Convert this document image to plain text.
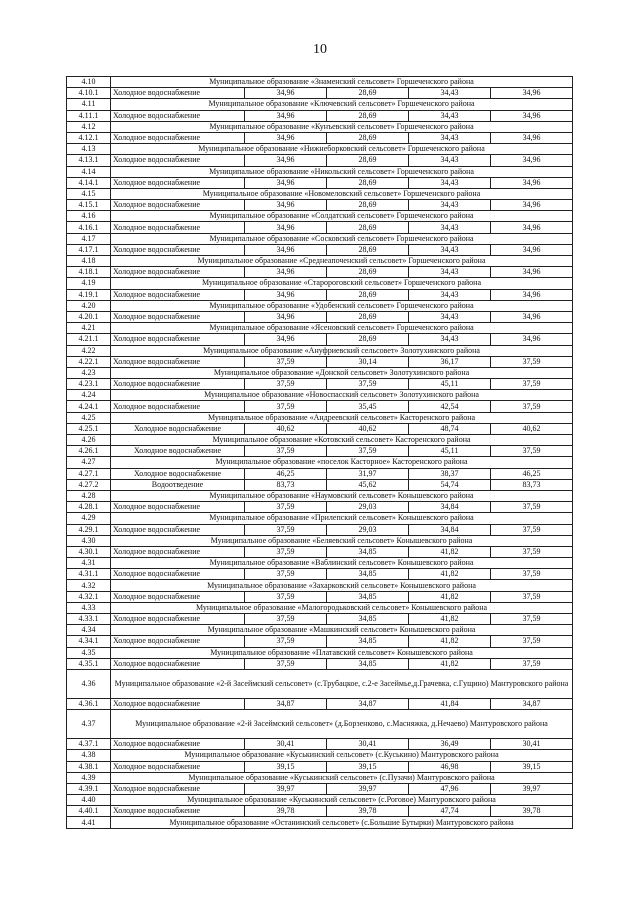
10
4.10	Муниципальное образование «Знаменский сельсовет» Горшеченского района				
4.10.1	Холодное водоснабжение	34,96	28,69	34,43	34,96
4.11	Муниципальное образование «Ключевский сельсовет» Горшеченского района				
4.11.1	Холодное водоснабжение	34,96	28,69	34,43	34,96
4.12	Муниципальное образование «Кунъевский сельсовет» Горшеченского района				
4.12.1	Холодное водоснабжение	34,96	28,69	34,43	34,96
4.13	Муниципальное образование «Нижнеборковский сельсовет» Горшеченского района				
4.13.1	Холодное водоснабжение	34,96	28,69	34,43	34,96
4.14	Муниципальное образование «Никольский сельсовет» Горшеченского района				
4.14.1	Холодное водоснабжение	34,96	28,69	34,43	34,96
4.15	Муниципальное образование «Новомеловский сельсовет» Горшеченского района				
4.15.1	Холодное водоснабжение	34,96	28,69	34,43	34,96
4.16	Муниципальное образование «Солдатский сельсовет» Горшеченского района				
4.16.1	Холодное водоснабжение	34,96	28,69	34,43	34,96
4.17	Муниципальное образование «Сосковский сельсовет» Горшеченского района				
4.17.1	Холодное водоснабжение	34,96	28,69	34,43	34,96
4.18	Муниципальное образование «Среднеапоченский сельсовет» Горшеченского района				
4.18.1	Холодное водоснабжение	34,96	28,69	34,43	34,96
4.19	Муниципальное образование «Старороговский сельсовет» Горшеченского района				
4.19.1	Холодное водоснабжение	34,96	28,69	34,43	34,96
4.20	Муниципальное образование «Удобенский сельсовет» Горшеченского района				
4.20.1	Холодное водоснабжение	34,96	28,69	34,43	34,96
4.21	Муниципальное образование «Ясеновский сельсовет» Горшеченского района				
4.21.1	Холодное водоснабжение	34,96	28,69	34,43	34,96
4.22	Муниципальное образование «Ануфриевский сельсовет» Золотухинского района				
4.22.1	Холодное водоснабжение	37,59	30,14	36,17	37,59
4.23	Муниципальное образование «Донской сельсовет» Золотухинского района				
4.23.1	Холодное водоснабжение	37,59	37,59	45,11	37,59
4.24	Муниципальное образование «Новоспасский сельсовет» Золотухинского района				
4.24.1	Холодное водоснабжение	37,59	35,45	42,54	37,59
4.25	Муниципальное образование «Андреевский сельсовет» Касторенского района				
4.25.1	Холодное водоснабжение	40,62	40,62	48,74	40,62
4.26	Муниципальное образование «Котовский сельсовет» Касторенского района				
4.26.1	Холодное водоснабжение	37,59	37,59	45,11	37,59
4.27	Муниципальное образование «поселок Касторное» Касторенского района				
4.27.1	Холодное водоснабжение	46,25	31,97	38,37	46,25
4.27.2	Водоотведение	83,73	45,62	54,74	83,73
4.28	Муниципальное образование «Наумовский сельсовет» Конышевского района				
4.28.1	Холодное водоснабжение	37,59	29,03	34,84	37,59
4.29	Муниципальное образование «Прилепский сельсовет» Конышевского района				
4.29.1	Холодное водоснабжение	37,59	29,03	34,84	37,59
4.30	Муниципальное образование «Беляевский сельсовет» Конышевского района				
4.30.1	Холодное водоснабжение	37,59	34,85	41,82	37,59
4.31	Муниципальное образование «Ваблинский сельсовет» Конышевского района				
4.31.1	Холодное водоснабжение	37,59	34,85	41,82	37,59
4.32	Муниципальное образование «Захарковский сельсовет» Конышевского района				
4.32.1	Холодное водоснабжение	37,59	34,85	41,82	37,59
4.33	Муниципальное образование «Малогородьковский сельсовет» Конышевского района				
4.33.1	Холодное водоснабжение	37,59	34,85	41,82	37,59
4.34	Муниципальное образование «Машкинский сельсовет» Конышевского района				
4.34.1	Холодное водоснабжение	37,59	34,85	41,82	37,59
4.35	Муниципальное образование «Платавский сельсовет» Конышевского района				
4.35.1	Холодное водоснабжение	37,59	34,85	41,82	37,59
4.36	Муниципальное образование «2-й Засеймский сельсовет» (с.Трубацкое, с.2-е Засеймье,д.Грачевка, с.Гущино) Мантуровского района				
4.36.1	Холодное водоснабжение	34,87	34,87	41,84	34,87
4.37	Муниципальное образование «2-й Засеймский сельсовет» (д.Борзенково, с.Масняжка, д.Нечаево) Мантуровского района				
4.37.1	Холодное водоснабжение	30,41	30,41	36,49	30,41
4.38	Муниципальное образование «Куськинский сельсовет» (с.Куськино) Мантуровского района				
4.38.1	Холодное водоснабжение	39,15	39,15	46,98	39,15
4.39	Муниципальное образование «Куськинский сельсовет» (с.Пузачи) Мантуровского района				
4.39.1	Холодное водоснабжение	39,97	39,97	47,96	39,97
4.40	Муниципальное образование «Куськинский сельсовет» (с.Роговое) Мантуровского района				
4.40.1	Холодное водоснабжение	39,78	39,78	47,74	39,78
4.41	Муниципальное образование «Останинский сельсовет» (с.Большие Бутырки) Мантуровского района				
